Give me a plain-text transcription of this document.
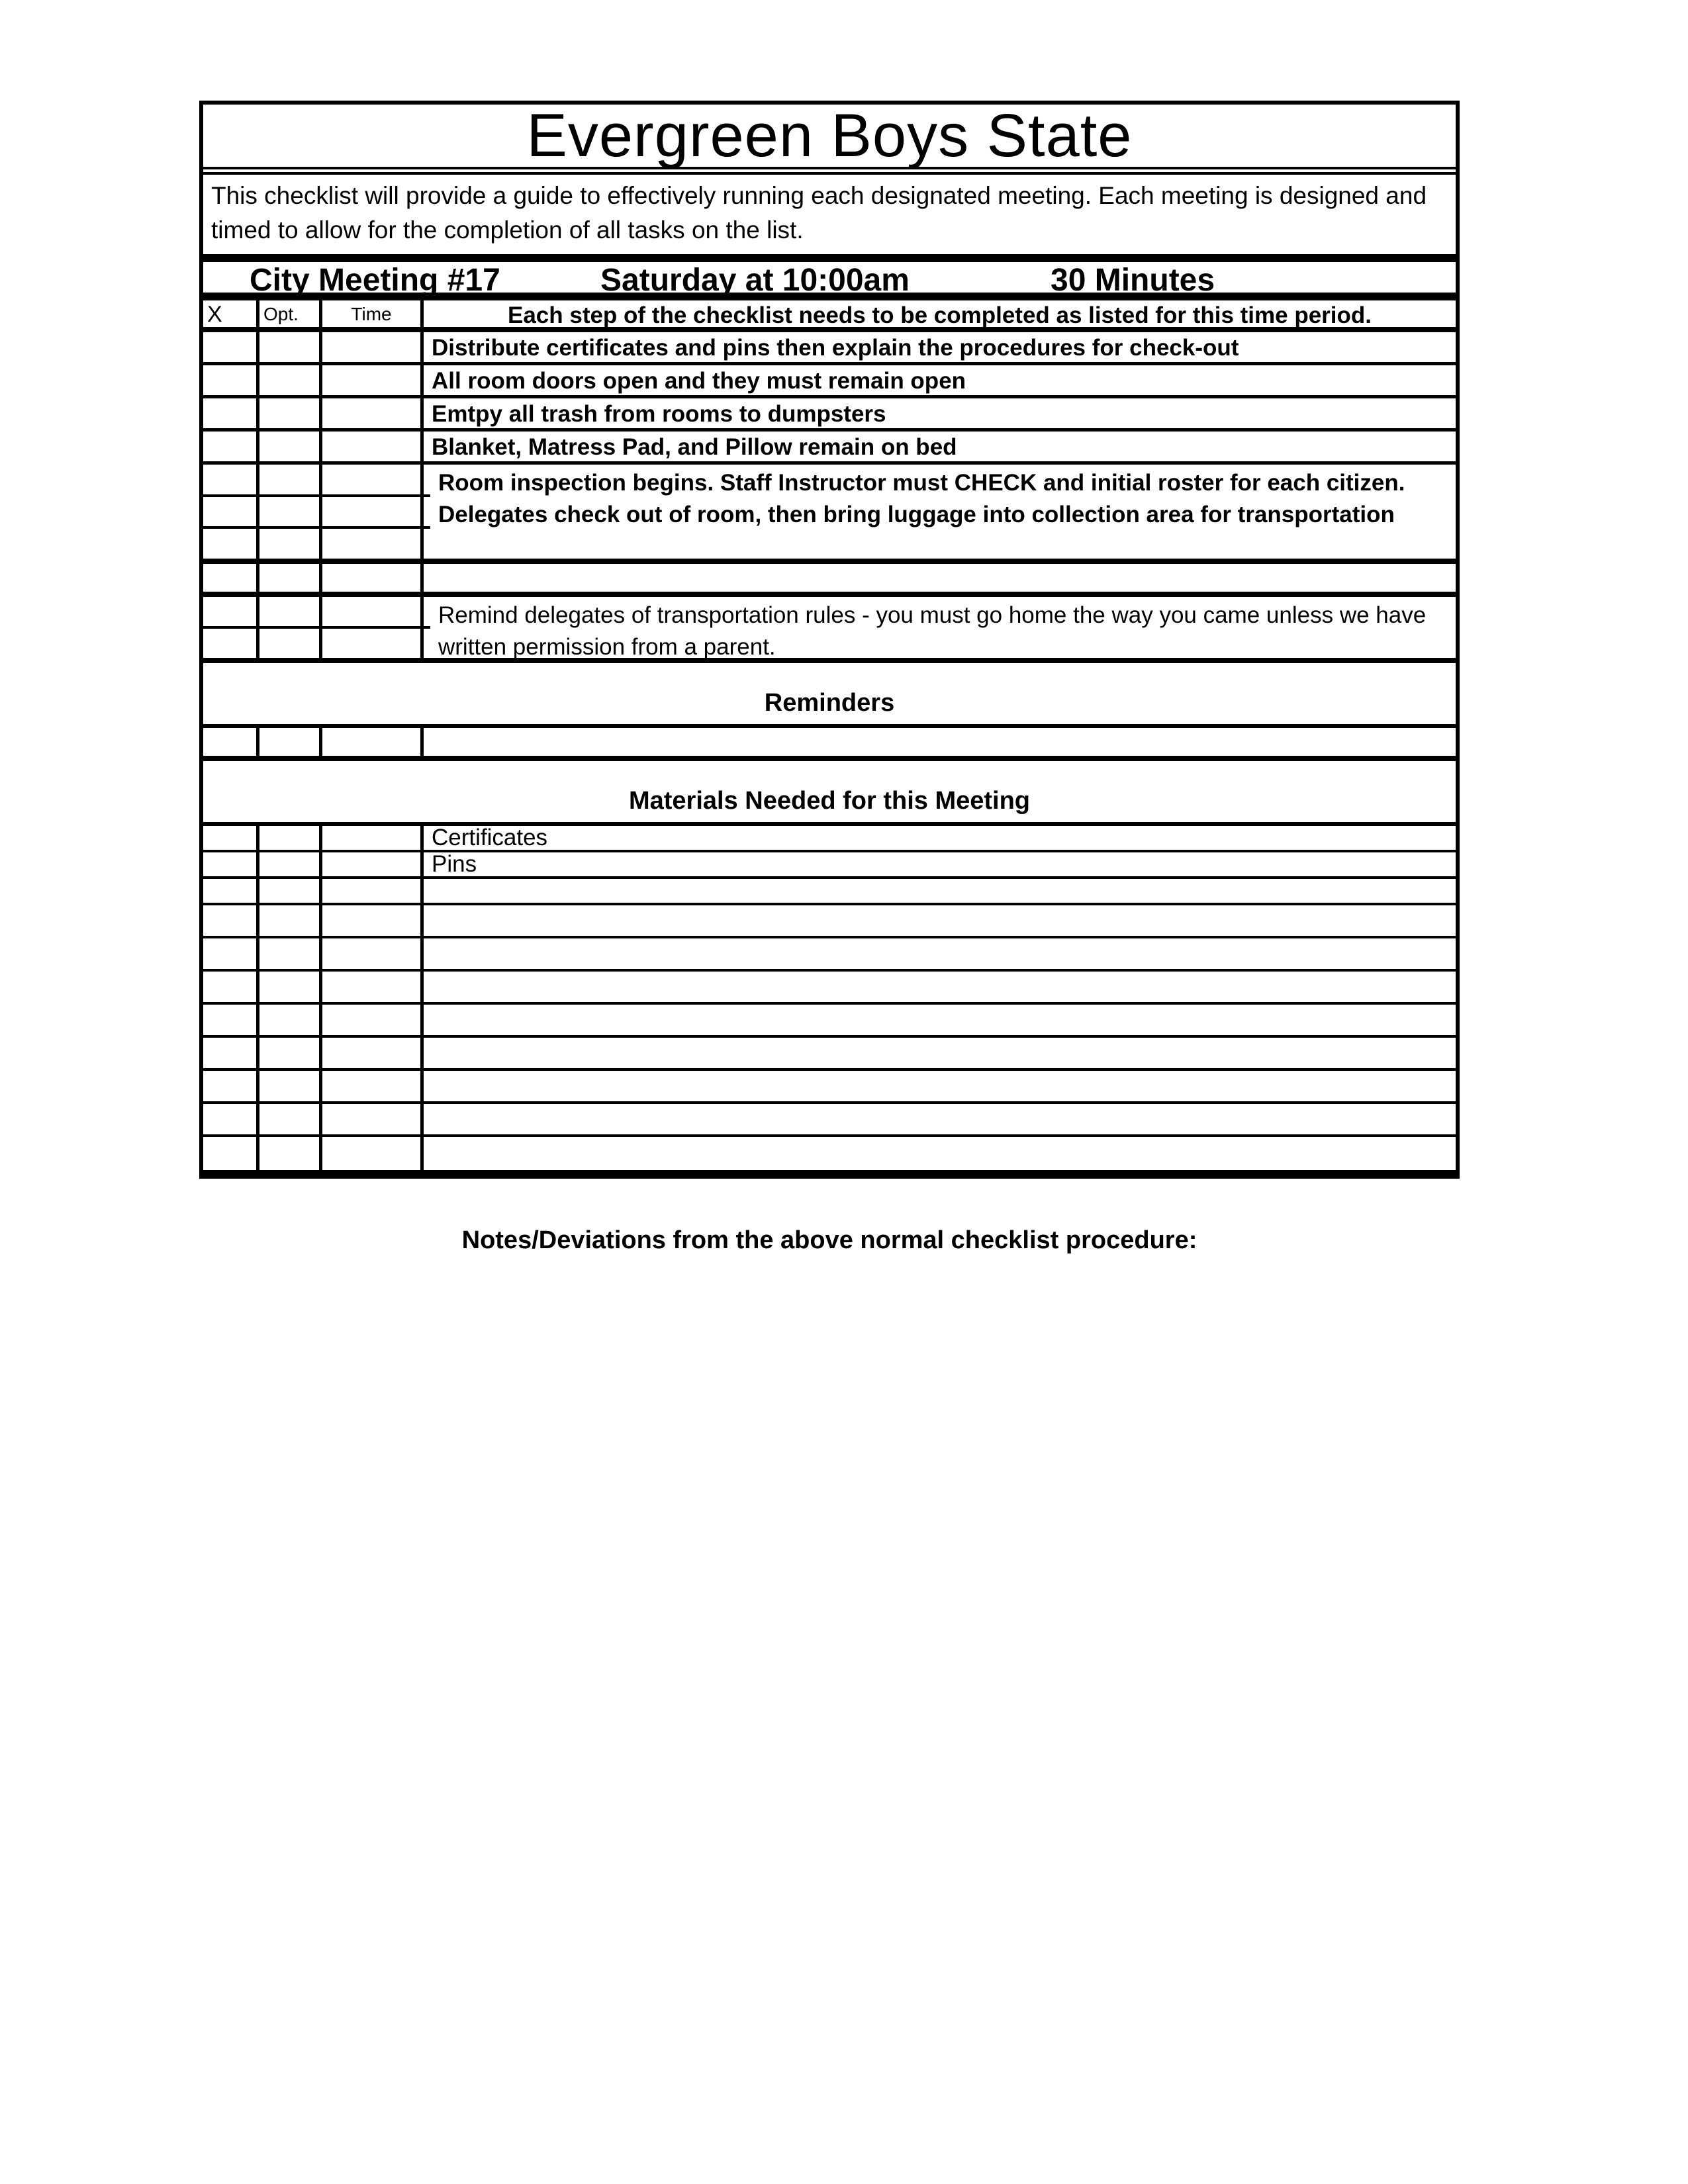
Evergreen Boys State
This checklist will provide a guide to effectively running each designated meeting. Each meeting is designed and timed to allow for the completion of all tasks on the list.
City Meeting #17	Saturday at 10:00am	30 Minutes
X	Opt.	Time	Each step of the checklist needs to be completed as listed for this time period.
Distribute certificates and pins then explain the procedures for check-out
All room doors open and they must remain open
Emtpy all trash from rooms to dumpsters
Blanket, Matress Pad, and Pillow remain on bed
Room inspection begins. Staff Instructor must CHECK and initial roster for each citizen. Delegates check out of room, then bring luggage into collection area for transportation
Remind delegates of transportation rules - you must go home the way you came unless we have written permission from a parent.
Reminders
Materials Needed for this Meeting
Certificates
Pins
Notes/Deviations from the above normal checklist procedure:
